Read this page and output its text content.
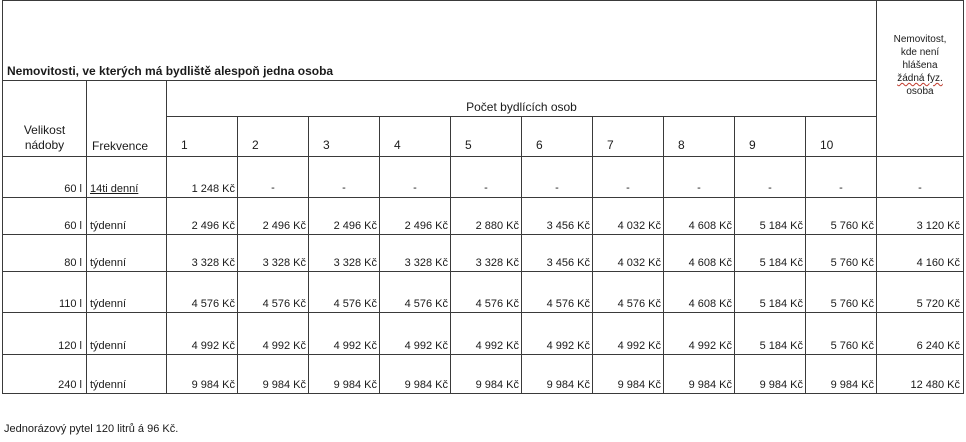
Nemovitosti, ve kterých má bydliště alespoň jedna osoba												Nemovitost,
kde není
hlášena
žádná fyz.
osoba

Velikost
nádoby	Frekvence	Počet bydlících osob										
		1	2	3	4	5	6	7	8	9	10	
60 l	14ti denní	1 248 Kč	-	-	-	-	-	-	-	-	-	-
60 l	týdenní	2 496 Kč	2 496 Kč	2 496 Kč	2 496 Kč	2 880 Kč	3 456 Kč	4 032 Kč	4 608 Kč	5 184 Kč	5 760 Kč	3 120 Kč
80 l	týdenní	3 328 Kč	3 328 Kč	3 328 Kč	3 328 Kč	3 328 Kč	3 456 Kč	4 032 Kč	4 608 Kč	5 184 Kč	5 760 Kč	4 160 Kč
110 l	týdenní	4 576 Kč	4 576 Kč	4 576 Kč	4 576 Kč	4 576 Kč	4 576 Kč	4 576 Kč	4 608 Kč	5 184 Kč	5 760 Kč	5 720 Kč
120 l	týdenní	4 992 Kč	4 992 Kč	4 992 Kč	4 992 Kč	4 992 Kč	4 992 Kč	4 992 Kč	4 992 Kč	5 184 Kč	5 760 Kč	6 240 Kč
240 l	týdenní	9 984 Kč	9 984 Kč	9 984 Kč	9 984 Kč	9 984 Kč	9 984 Kč	9 984 Kč	9 984 Kč	9 984 Kč	9 984 Kč	12 480 Kč
Jednorázový pytel 120 litrů á 96 Kč.
